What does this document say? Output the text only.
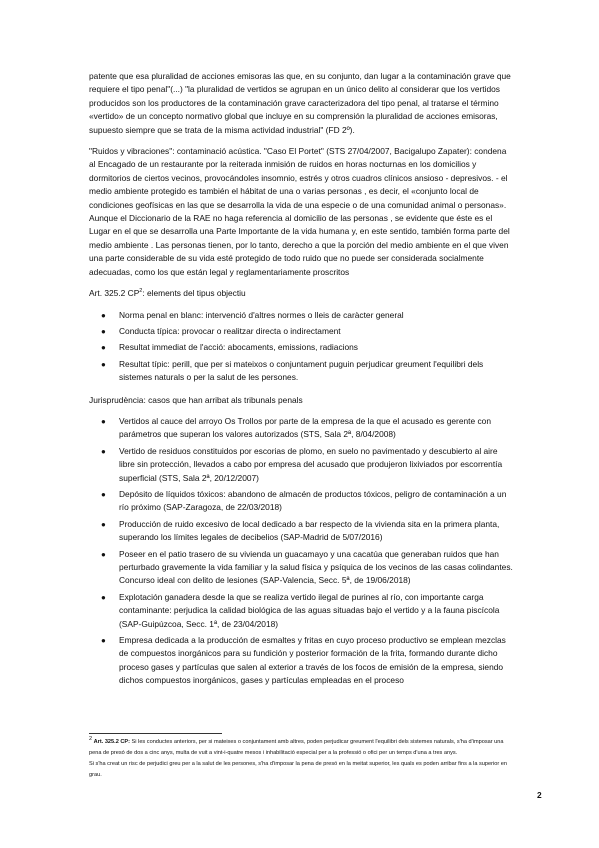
patente que esa pluralidad de acciones emisoras las que, en su conjunto, dan lugar a la contaminación grave que requiere el tipo penal"(...) "la pluralidad de vertidos se agrupan en un único delito al considerar que los vertidos producidos son los productores de la contaminación grave caracterizadora del tipo penal, al tratarse el término «vertido» de un concepto normativo global que incluye en su comprensión la pluralidad de acciones emisoras, supuesto siempre que se trata de la misma actividad industrial" (FD 2º).

"Ruidos y vibraciones": contaminació acústica. "Caso El Portet" (STS 27/04/2007, Bacigalupo Zapater): condena al Encagado de un restaurante por la reiterada inmisión de ruidos en horas nocturnas en los domicilios y dormitorios de ciertos vecinos, provocándoles insomnio, estrés y otros cuadros clínicos ansioso - depresivos. - el medio ambiente protegido es también el hábitat de una o varias personas , es decir, el «conjunto local de condiciones geofísicas en las que se desarrolla la vida de una especie o de una comunidad animal o personas». Aunque el Diccionario de la RAE no haga referencia al domicilio de las personas , se evidente que éste es el Lugar en el que se desarrolla una Parte Importante de la vida humana y, en este sentido, también forma parte del medio ambiente . Las personas tienen, por lo tanto, derecho a que la porción del medio ambiente en el que viven una parte considerable de su vida esté protegido de todo ruido que no puede ser considerada socialmente adecuadas, como los que están legal y reglamentariamente proscritos

Art. 325.2 $CP^2$: elements del tipus objectiu
● Norma penal en blanc: intervenció d'altres normes o lleis de caràcter general
● Conducta típica: provocar o realitzar directa o indirectament
● Resultat immediat de l'acció: abocaments, emissions, radiacions
● Resultat típic: perill, que per si mateixos o conjuntament puguin perjudicar greument l'equilibri dels sistemes naturals o per la salut de les persones.
Jurisprudència: casos que han arribat als tribunals penals
● Vertidos al cauce del arroyo Os Trollos por parte de la empresa de la que el acusado es gerente con parámetros que superan los valores autorizados (STS, Sala 2ª, 8/04/2008)
● Vertido de residuos constituidos por escorias de plomo, en suelo no pavimentado y descubierto al aire libre sin protección, llevados a cabo por empresa del acusado que produjeron lixiviados por escorrentía superficial (STS, Sala 2ª, 20/12/2007)
● Depósito de líquidos tóxicos: abandono de almacén de productos tóxicos, peligro de contaminación a un río próximo (SAP-Zaragoza, de 22/03/2018)
● Producción de ruido excesivo de local dedicado a bar respecto de la vivienda sita en la primera planta, superando los límites legales de decibelios (SAP-Madrid de 5/07/2016)
● Poseer en el patio trasero de su vivienda un guacamayo y una cacatúa que generaban ruidos que han perturbado gravemente la vida familiar y la salud física y psíquica de los vecinos de las casas colindantes. Concurso ideal con delito de lesiones (SAP-Valencia, Secc. 5ª, de 19/06/2018)
● Explotación ganadera desde la que se realiza vertido ilegal de purines al río, con importante carga contaminante: perjudica la calidad biológica de las aguas situadas bajo el vertido y a la fauna piscícola (SAP-Guipúzcoa, Secc. 1ª, de 23/04/2018)
● Empresa dedicada a la producción de esmaltes y fritas en cuyo proceso productivo se emplean mezclas de compuestos inorgánicos para su fundición y posterior formación de la frita, formando durante dicho proceso gases y partículas que salen al exterior a través de los focos de emisión de la empresa, siendo dichos compuestos inorgánicos, gases y partículas empleadas en el proceso
$^2$ Art. 325.2 CP: Si les conductes anteriors, per si mateixes o conjuntament amb altres, poden perjudicar greument l'equilibri dels sistemes naturals, s'ha d'imposar una pena de presó de dos a cinc anys, multa de vuit a vint-i-quatre mesos i inhabilitació especial per a la professió o ofici per un temps d'una a tres anys.
Si s'ha creat un risc de perjudici greu per a la salut de les persones, s'ha d'imposar la pena de presó en la meitat superior, les quals es poden arribar fins a la superior en grau.
2
